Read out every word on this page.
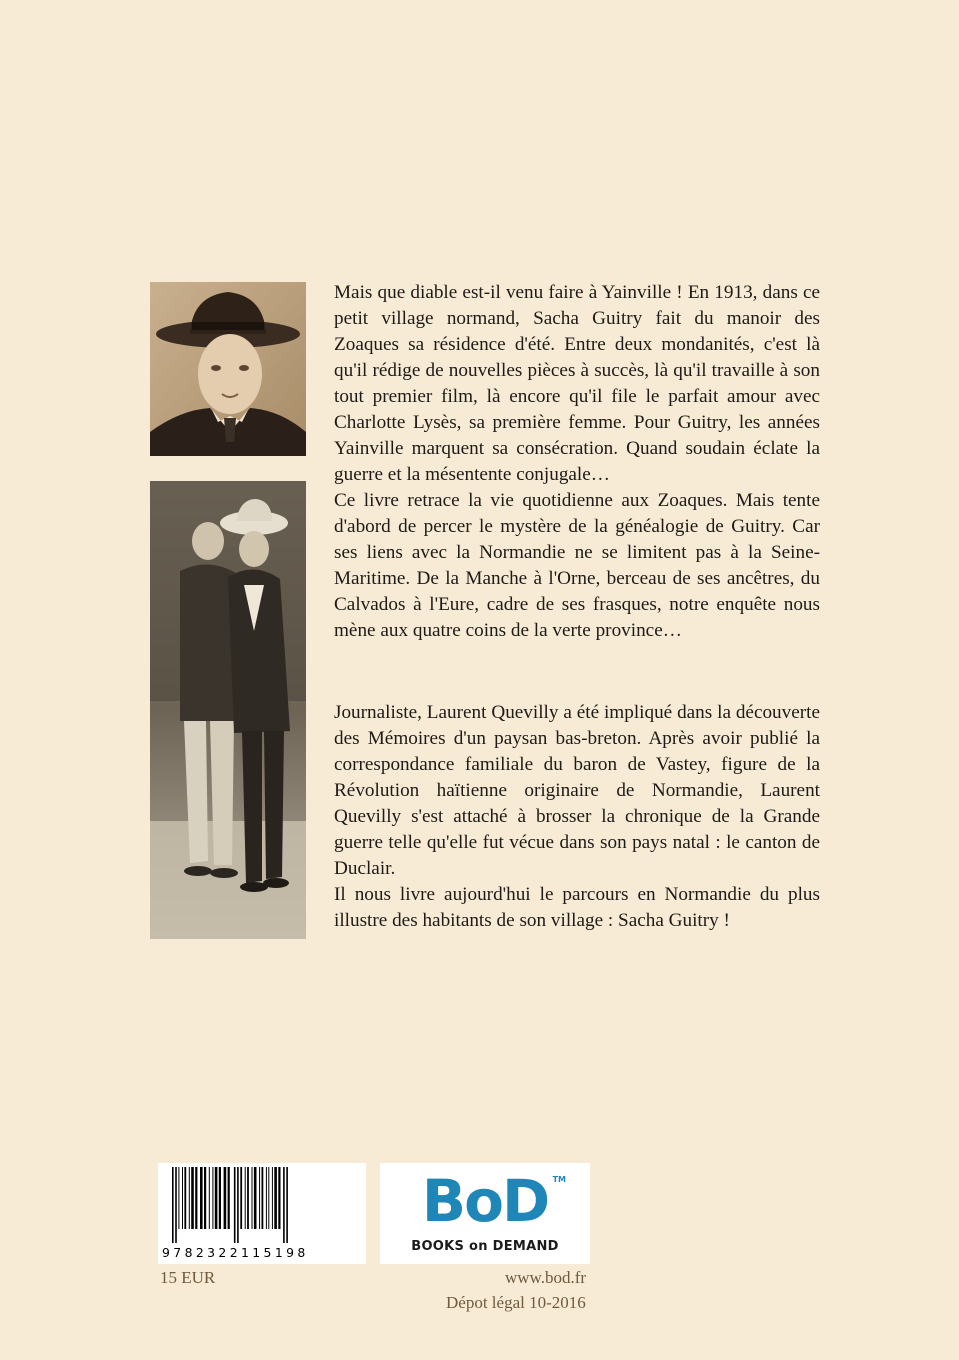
Mais que diable est-il venu faire à Yainville ! En 1913, dans ce petit village normand, Sacha Guitry fait du manoir des Zoaques sa résidence d'été. Entre deux mondanités, c'est là qu'il rédige de nouvelles pièces à succès, là qu'il travaille à son tout premier film, là encore qu'il file le parfait amour avec Charlotte Lysès, sa première femme. Pour Guitry, les années Yainville marquent sa consécration. Quand soudain éclate la guerre et la mésentente conjugale…

Ce livre retrace la vie quotidienne aux Zoaques. Mais tente d'abord de percer le mystère de la généalogie de Guitry. Car ses liens avec la Normandie ne se limitent pas à la Seine-Maritime. De la Manche à l'Orne, berceau de ses ancêtres, du Calvados à l'Eure, cadre de ses frasques, notre enquête nous mène aux quatre coins de la verte province…

Journaliste, Laurent Quevilly a été impliqué dans la découverte des Mémoires d'un paysan bas-breton. Après avoir publié la correspondance familiale du baron de Vastey, figure de la Révolution haïtienne originaire de Normandie, Laurent Quevilly s'est attaché à brosser la chronique de la Grande guerre telle qu'elle fut vécue dans son pays natal : le canton de Duclair.

Il nous livre aujourd'hui le parcours en Normandie du plus illustre des habitants de son village : Sacha Guitry !

9782322115198
BoD TM
BOOKS on DEMAND
15 EUR	www.bod.fr
Dépot légal 10-2016
